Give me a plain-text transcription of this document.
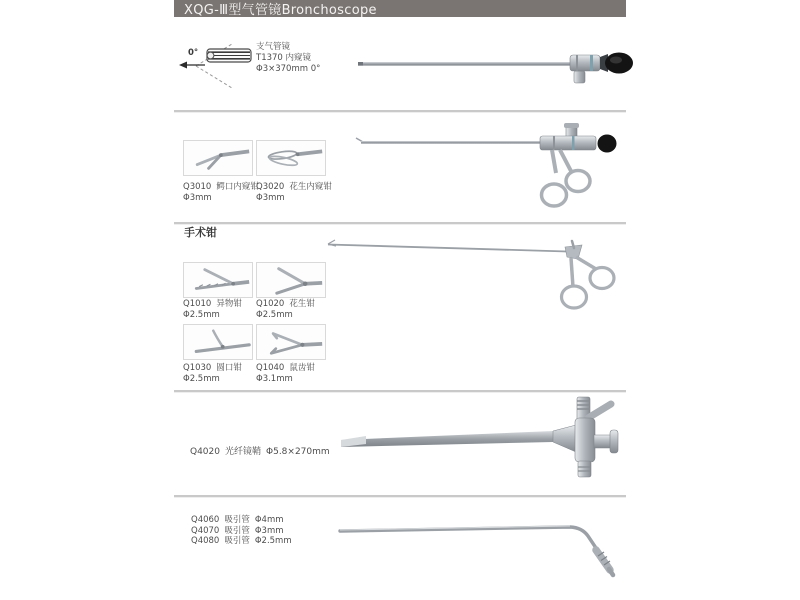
XQG-Ⅲ型气管镜Bronchoscope
0°
支气管镜
T1370 内窥镜
Φ3×370mm 0°
Q3010 鳄口内窥钳
Φ3mm
Q3020 花生内窥钳
Φ3mm
手术钳
Q1010 异物钳
Φ2.5mm
Q1020 花生钳
Φ2.5mm
Q1030 圆口钳
Φ2.5mm
Q1040 鼠齿钳
Φ3.1mm
Q4020 光纤镜鞘 Φ5.8×270mm
Q4060 吸引管 Φ4mm
Q4070 吸引管 Φ3mm
Q4080 吸引管 Φ2.5mm
